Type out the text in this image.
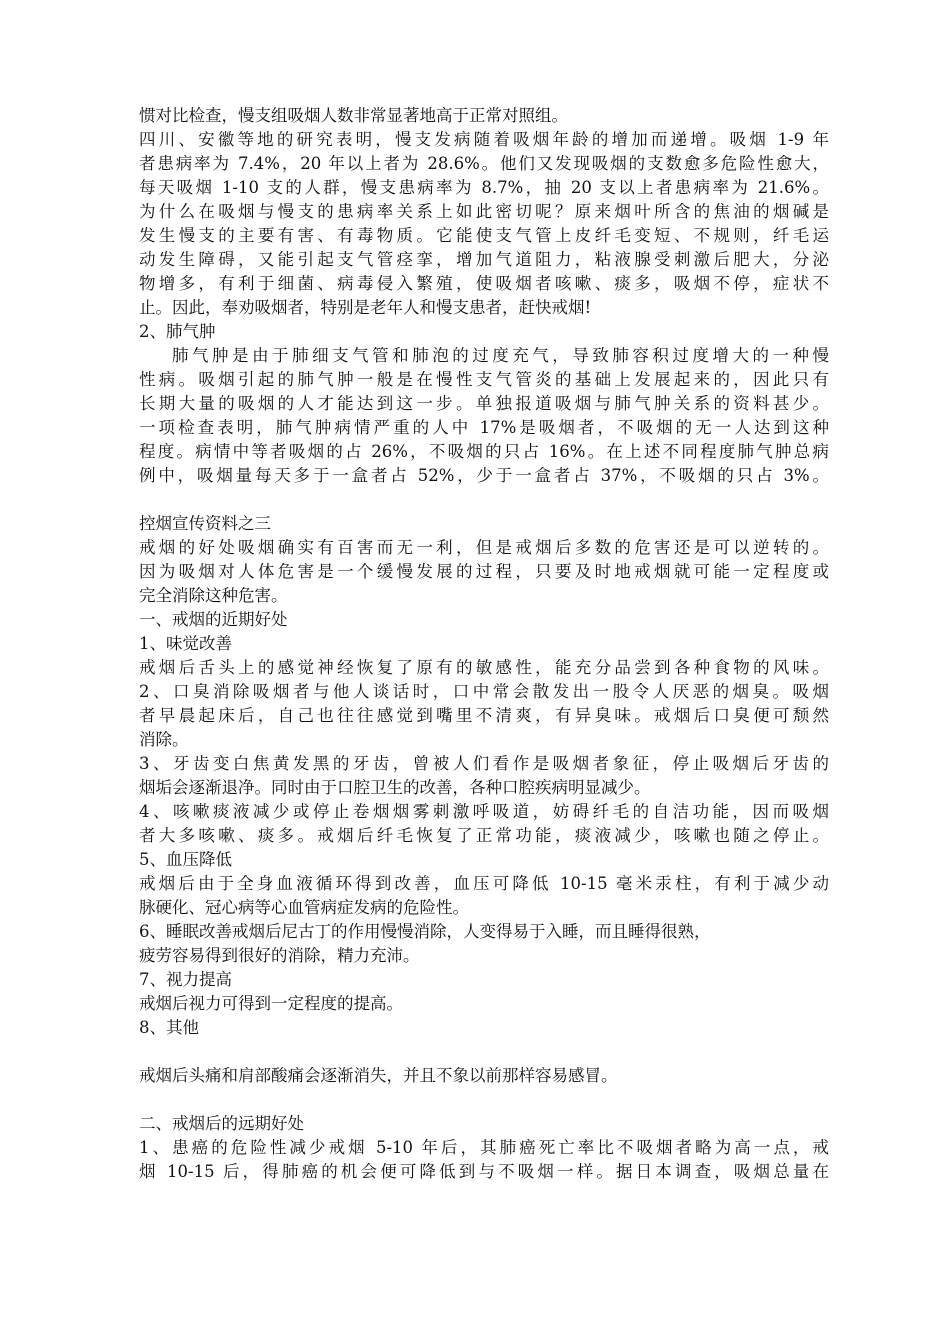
惯对比检查，慢支组吸烟人数非常显著地高于正常对照组。

四川、安徽等地的研究表明，慢支发病随着吸烟年龄的增加而递增。吸烟 1-9 年

者患病率为 7.4%，20 年以上者为 28.6%。他们又发现吸烟的支数愈多危险性愈大，

每天吸烟 1-10 支的人群，慢支患病率为 8.7%，抽 20 支以上者患病率为 21.6%。

为什么在吸烟与慢支的患病率关系上如此密切呢？原来烟叶所含的焦油的烟碱是

发生慢支的主要有害、有毒物质。它能使支气管上皮纤毛变短、不规则，纤毛运

动发生障碍，又能引起支气管痉挛，增加气道阻力，粘液腺受刺激后肥大，分泌

物增多，有利于细菌、病毒侵入繁殖，使吸烟者咳嗽、痰多，吸烟不停，症状不

止。因此，奉劝吸烟者，特别是老年人和慢支患者，赶快戒烟!

2、肺气肿

肺气肿是由于肺细支气管和肺泡的过度充气，导致肺容积过度增大的一种慢

性病。吸烟引起的肺气肿一般是在慢性支气管炎的基础上发展起来的，因此只有

长期大量的吸烟的人才能达到这一步。单独报道吸烟与肺气肿关系的资料甚少。

一项检查表明，肺气肿病情严重的人中 17%是吸烟者，不吸烟的无一人达到这种

程度。病情中等者吸烟的占 26%，不吸烟的只占 16%。在上述不同程度肺气肿总病

例中，吸烟量每天多于一盒者占 52%，少于一盒者占 37%，不吸烟的只占 3%。

控烟宣传资料之三

戒烟的好处吸烟确实有百害而无一利，但是戒烟后多数的危害还是可以逆转的。

因为吸烟对人体危害是一个缓慢发展的过程，只要及时地戒烟就可能一定程度或

完全消除这种危害。

一、戒烟的近期好处

1、味觉改善

戒烟后舌头上的感觉神经恢复了原有的敏感性，能充分品尝到各种食物的风味。

2、口臭消除吸烟者与他人谈话时，口中常会散发出一股令人厌恶的烟臭。吸烟

者早晨起床后，自己也往往感觉到嘴里不清爽，有异臭味。戒烟后口臭便可颓然

消除。

3、牙齿变白焦黄发黑的牙齿，曾被人们看作是吸烟者象征，停止吸烟后牙齿的

烟垢会逐渐退净。同时由于口腔卫生的改善，各种口腔疾病明显减少。

4、咳嗽痰液减少或停止卷烟烟雾刺激呼吸道，妨碍纤毛的自洁功能，因而吸烟

者大多咳嗽、痰多。戒烟后纤毛恢复了正常功能，痰液减少，咳嗽也随之停止。

5、血压降低

戒烟后由于全身血液循环得到改善，血压可降低 10-15 毫米汞柱，有利于减少动

脉硬化、冠心病等心血管病症发病的危险性。

6、睡眠改善戒烟后尼古丁的作用慢慢消除，人变得易于入睡，而且睡得很熟，

疲劳容易得到很好的消除，精力充沛。

7、视力提高

戒烟后视力可得到一定程度的提高。

8、其他

戒烟后头痛和肩部酸痛会逐渐消失，并且不象以前那样容易感冒。

二、戒烟后的远期好处

1、患癌的危险性减少戒烟 5-10 年后，其肺癌死亡率比不吸烟者略为高一点，戒

烟 10-15 后，得肺癌的机会便可降低到与不吸烟一样。据日本调查，吸烟总量在
